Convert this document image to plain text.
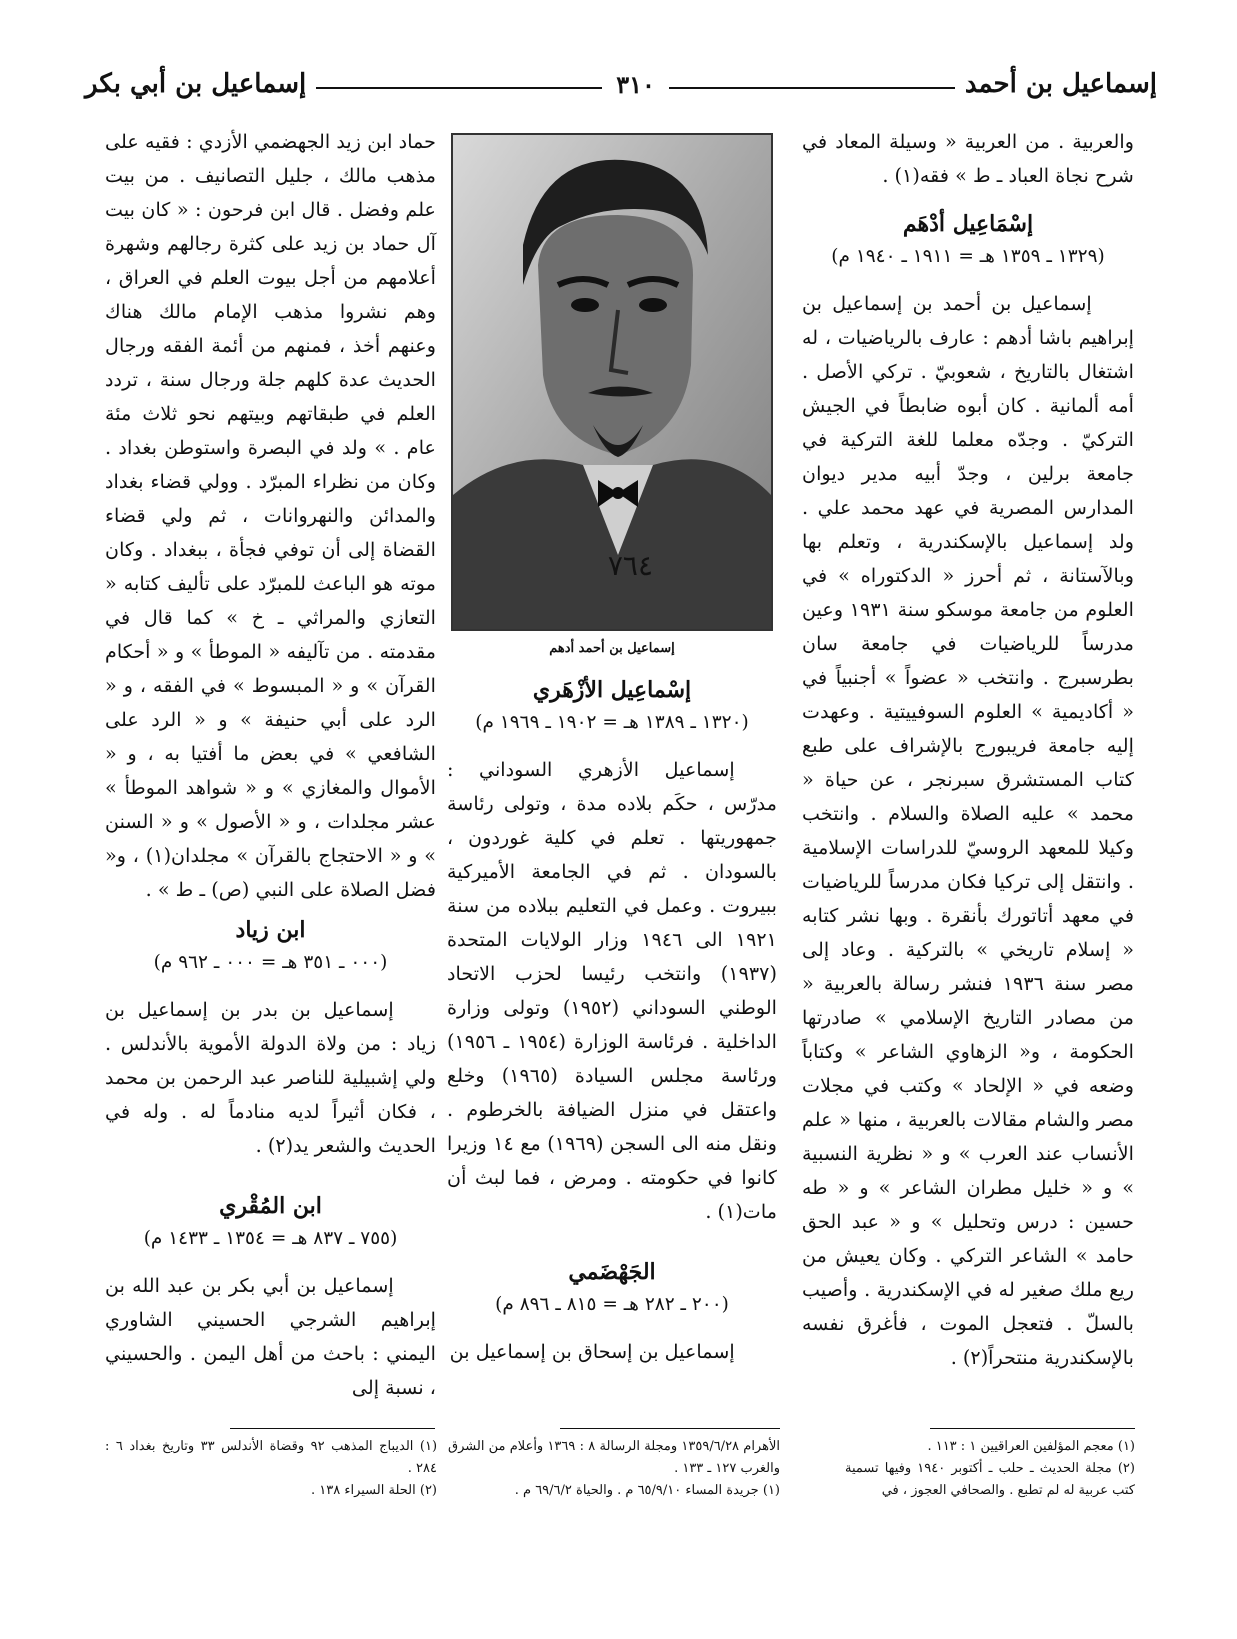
إسماعيل بن أحمد
٣١٠
إسماعيل بن أبي بكر

والعربية . من العربية « وسيلة المعاد في شرح نجاة العباد ـ ط » فقه(١) .

إسْمَاعِيل أدْهَم
(١٣٢٩ ـ ١٣٥٩ هـ = ١٩١١ ـ ١٩٤٠ م)

إسماعيل بن أحمد بن إسماعيل بن إبراهيم باشا أدهم : عارف بالرياضيات ، له اشتغال بالتاريخ ، شعوبيّ . تركي الأصل . أمه ألمانية . كان أبوه ضابطاً في الجيش التركيّ . وجدّه معلما للغة التركية في جامعة برلين ، وجدّ أبيه مدير ديوان المدارس المصرية في عهد محمد علي . ولد إسماعيل بالإسكندرية ، وتعلم بها وبالآستانة ، ثم أحرز « الدكتوراه » في العلوم من جامعة موسكو سنة ١٩٣١ وعين مدرساً للرياضيات في جامعة سان بطرسبرج . وانتخب « عضواً » أجنبياً في « أكاديمية » العلوم السوفييتية . وعهدت إليه جامعة فريبورج بالإشراف على طبع كتاب المستشرق سبرنجر ، عن حياة « محمد » عليه الصلاة والسلام . وانتخب وكيلا للمعهد الروسيّ للدراسات الإسلامية . وانتقل إلى تركيا فكان مدرساً للرياضيات في معهد أتاتورك بأنقرة . وبها نشر كتابه « إسلام تاريخي » بالتركية . وعاد إلى مصر سنة ١٩٣٦ فنشر رسالة بالعربية « من مصادر التاريخ الإسلامي » صادرتها الحكومة ، و« الزهاوي الشاعر » وكتاباً وضعه في « الإلحاد » وكتب في مجلات مصر والشام مقالات بالعربية ، منها « علم الأنساب عند العرب » و « نظرية النسبية » و « خليل مطران الشاعر » و « طه حسين : درس وتحليل » و « عبد الحق حامد » الشاعر التركي . وكان يعيش من ريع ملك صغير له في الإسكندرية . وأصيب بالسلّ . فتعجل الموت ، فأغرق نفسه بالإسكندرية منتحراً(٢) .

٧٦٤
إسماعيل بن أحمد أدهم
إسْماعِيل الأزْهَري
(١٣٢٠ ـ ١٣٨٩ هـ = ١٩٠٢ ـ ١٩٦٩ م)

إسماعيل الأزهري السوداني : مدرّس ، حكَم بلاده مدة ، وتولى رئاسة جمهوريتها . تعلم في كلية غوردون ، بالسودان . ثم في الجامعة الأميركية ببيروت . وعمل في التعليم ببلاده من سنة ١٩٢١ الى ١٩٤٦ وزار الولايات المتحدة (١٩٣٧) وانتخب رئيسا لحزب الاتحاد الوطني السوداني (١٩٥٢) وتولى وزارة الداخلية . فرئاسة الوزارة (١٩٥٤ ـ ١٩٥٦) ورئاسة مجلس السيادة (١٩٦٥) وخلع واعتقل في منزل الضيافة بالخرطوم . ونقل منه الى السجن (١٩٦٩) مع ١٤ وزيرا كانوا في حكومته . ومرض ، فما لبث أن مات(١) .

الجَهْضَمي
(٢٠٠ ـ ٢٨٢ هـ = ٨١٥ ـ ٨٩٦ م)

إسماعيل بن إسحاق بن إسماعيل بن

حماد ابن زيد الجهضمي الأزدي : فقيه على مذهب مالك ، جليل التصانيف . من بيت علم وفضل . قال ابن فرحون : « كان بيت آل حماد بن زيد على كثرة رجالهم وشهرة أعلامهم من أجل بيوت العلم في العراق ، وهم نشروا مذهب الإمام مالك هناك وعنهم أخذ ، فمنهم من أئمة الفقه ورجال الحديث عدة كلهم جلة ورجال سنة ، تردد العلم في طبقاتهم وبيتهم نحو ثلاث مئة عام . » ولد في البصرة واستوطن بغداد . وكان من نظراء المبرّد . وولي قضاء بغداد والمدائن والنهروانات ، ثم ولي قضاء القضاة إلى أن توفي فجأة ، ببغداد . وكان موته هو الباعث للمبرّد على تأليف كتابه « التعازي والمراثي ـ خ » كما قال في مقدمته . من تآليفه « الموطأ » و « أحكام القرآن » و « المبسوط » في الفقه ، و « الرد على أبي حنيفة » و « الرد على الشافعي » في بعض ما أفتيا به ، و « الأموال والمغازي » و « شواهد الموطأ » عشر مجلدات ، و « الأصول » و « السنن » و « الاحتجاج بالقرآن » مجلدان(١) ، و« فضل الصلاة على النبي (ص) ـ ط » .

ابن زياد
(٠٠٠ ـ ٣٥١ هـ = ٠٠٠ ـ ٩٦٢ م)

إسماعيل بن بدر بن إسماعيل بن زياد : من ولاة الدولة الأموية بالأندلس . ولي إشبيلية للناصر عبد الرحمن بن محمد ، فكان أثيراً لديه منادماً له . وله في الحديث والشعر يد(٢) .

ابن المُقْري
(٧٥٥ ـ ٨٣٧ هـ = ١٣٥٤ ـ ١٤٣٣ م)

إسماعيل بن أبي بكر بن عبد الله بن إبراهيم الشرجي الحسيني الشاوري اليمني : باحث من أهل اليمن . والحسيني ، نسبة إلى

(١) معجم المؤلفين العراقيين ١ : ١١٣ .

(٢) مجلة الحديث ـ حلب ـ أكتوبر ١٩٤٠ وفيها تسمية كتب عربية له لم تطبع . والصحافي العجوز ، في

الأهرام ١٣٥٩/٦/٢٨ ومجلة الرسالة ٨ : ١٣٦٩ وأعلام من الشرق والغرب ١٢٧ ـ ١٣٣ .

(١) جريدة المساء ٦٥/٩/١٠ م . والحياة ٦٩/٦/٢ م .

(١) الديباج المذهب ٩٢ وقضاة الأندلس ٣٣ وتاريخ بغداد ٦ : ٢٨٤ .

(٢) الحلة السيراء ١٣٨ .
